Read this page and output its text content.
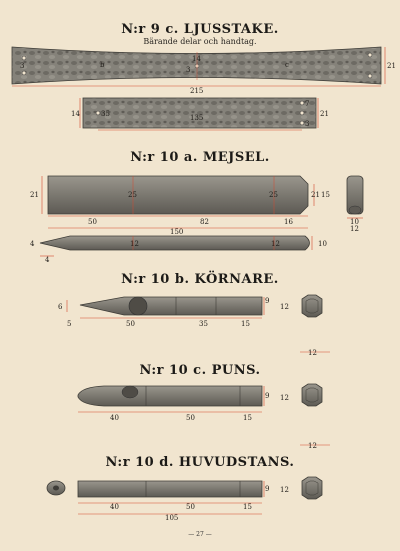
N:r 9 c. LJUSSTAKE.
Bärande delar och handtag.
N:r 10 a. MEJSEL.
N:r 10 b. KÖRNARE.
N:r 10 c. PUNS.
N:r 10 d. HUVUDSTANS.
— 27 —
21
3	b	c
14
3
215
14	35	135	21
7
3
21	25	25	21 15
50	82	16
150
10
12
4
4
12	12	10
6
5	50	35	15
9
12
40	50	15
9 12
12
12
40	50	15
105
9 12
